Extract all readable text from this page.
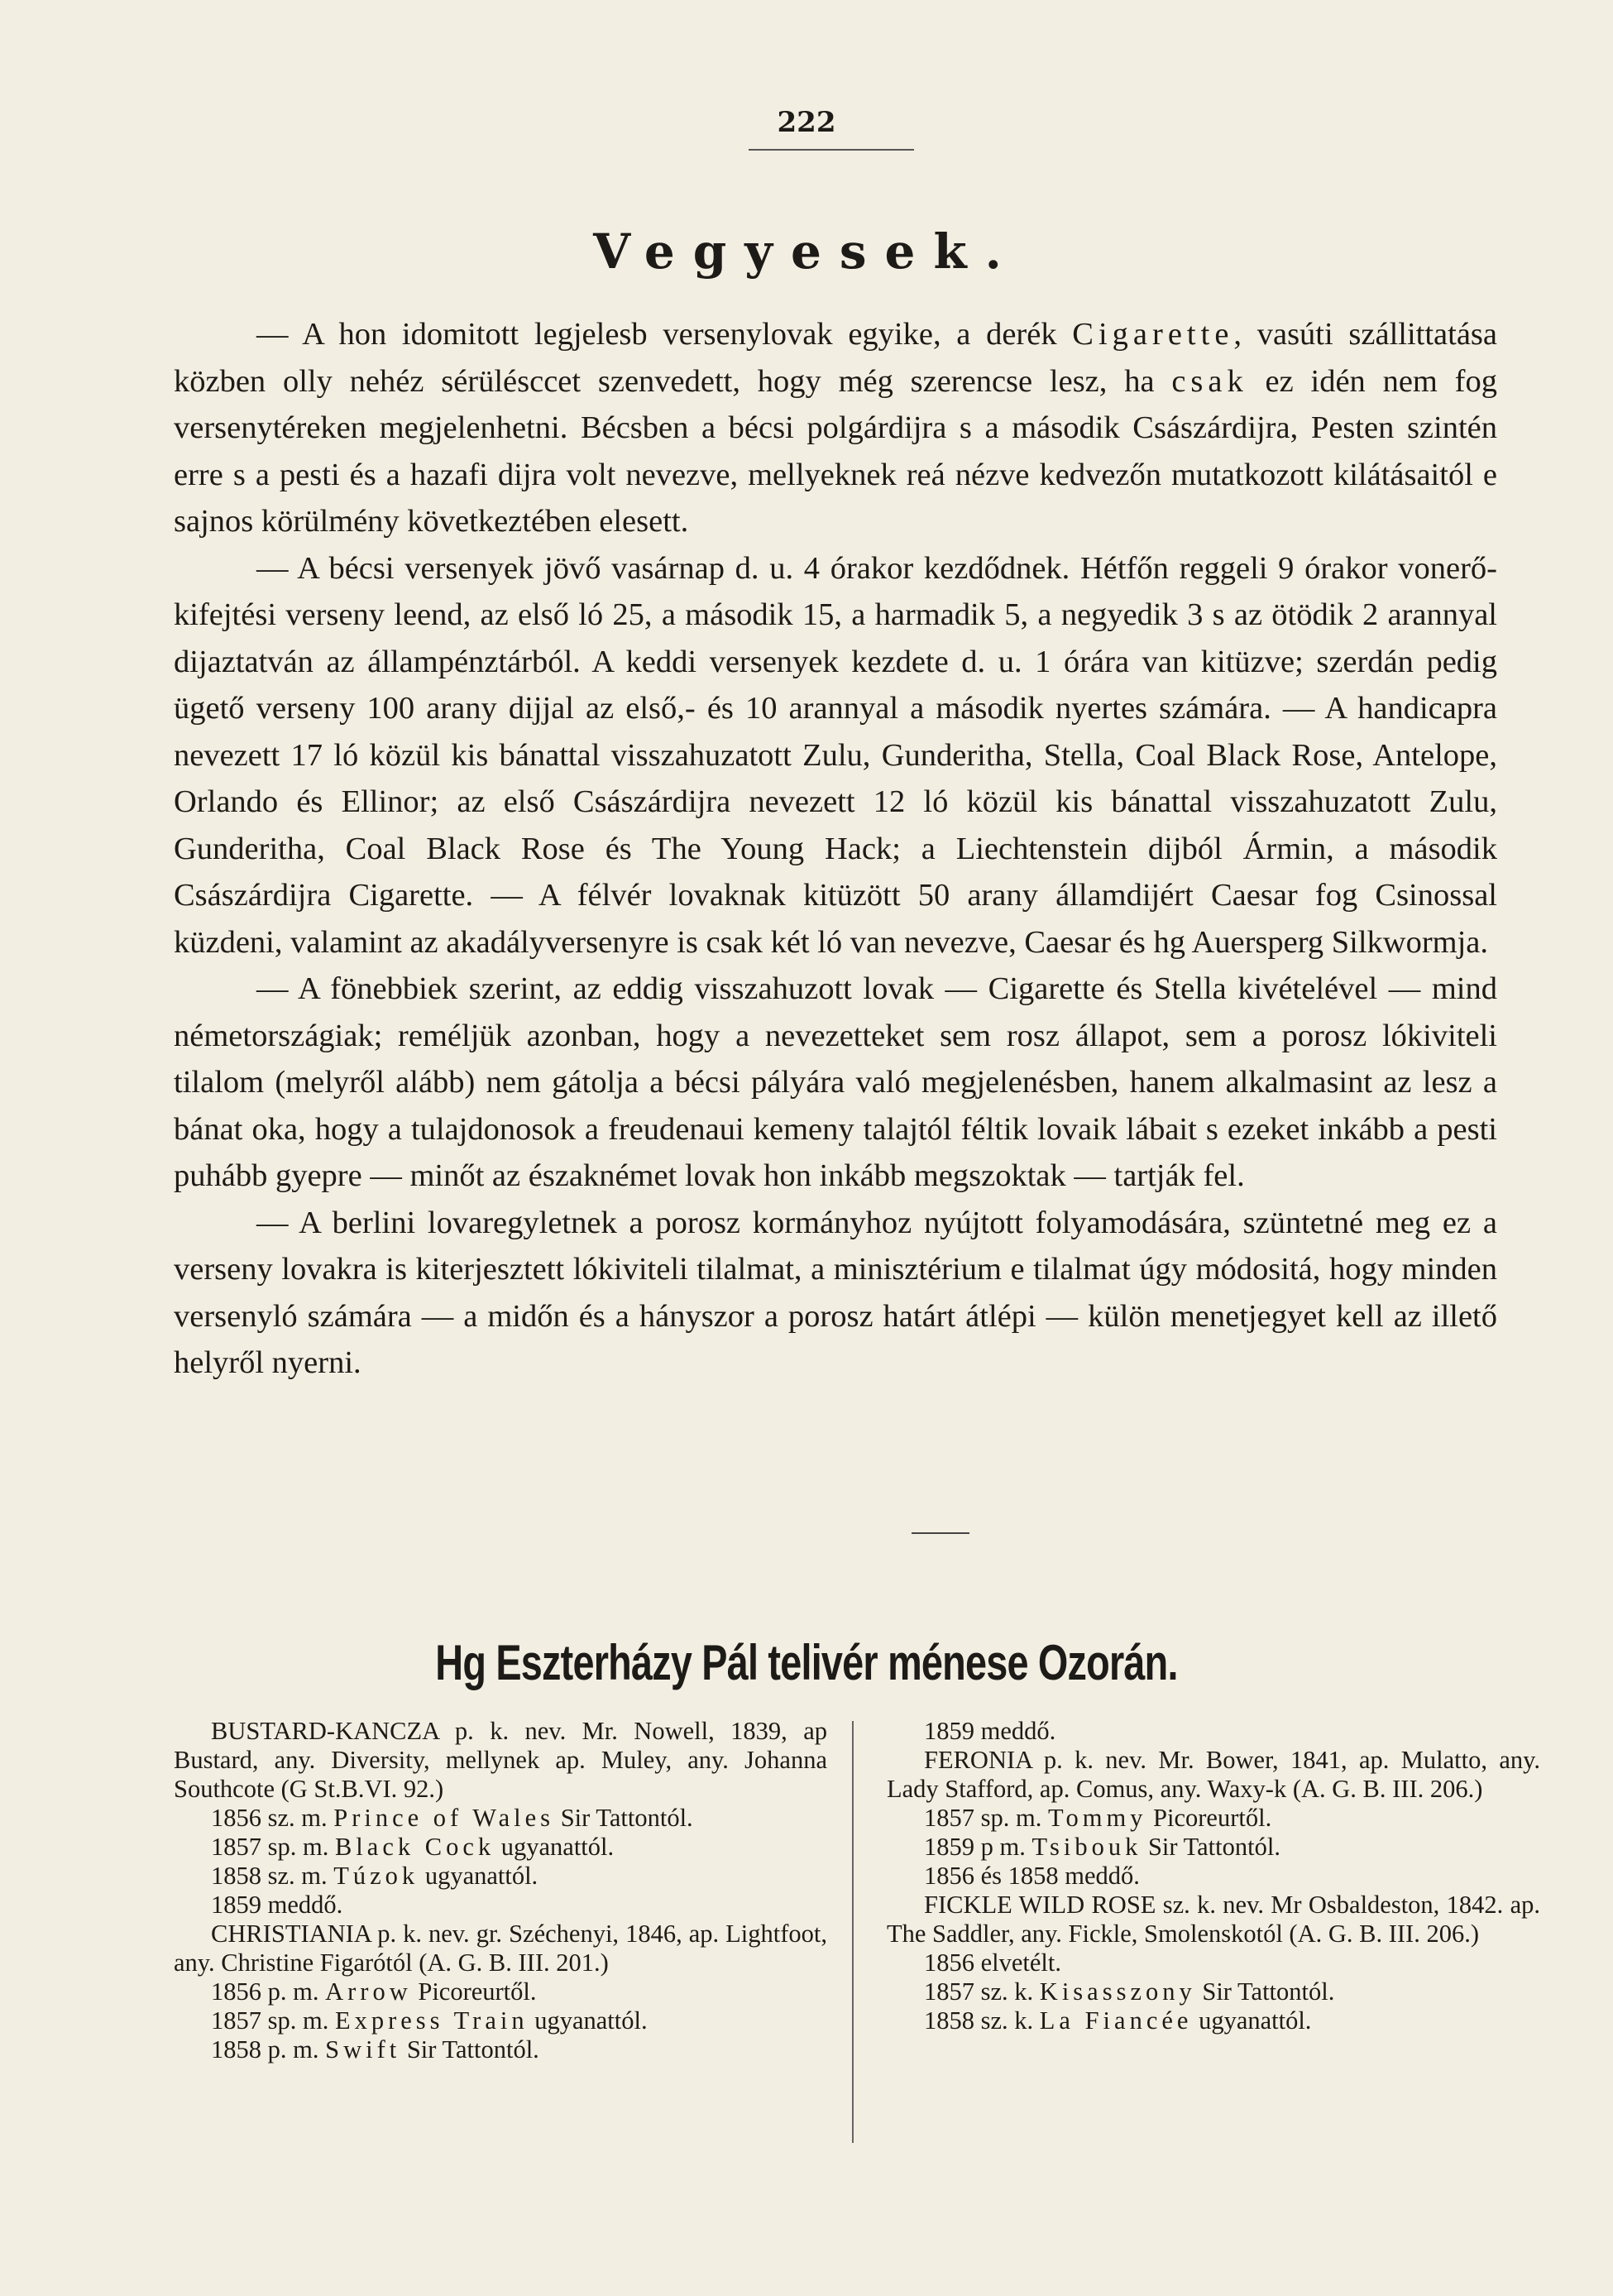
222
Vegyesek.

— A hon idomitott legjelesb versenylovak egyike, a derék Cigarette, vasúti szállittatása közben olly nehéz sérülésccet szenvedett, hogy még szerencse lesz, ha csak ez idén nem fog versenytéreken megjelenhetni. Bécsben a bécsi polgárdijra s a második Császárdijra, Pesten szintén erre s a pesti és a hazafi dijra volt nevezve, mellyeknek reá nézve kedvezőn mutatkozott kilátásaitól e sajnos körülmény következtében elesett.

— A bécsi versenyek jövő vasárnap d. u. 4 órakor kezdődnek. Hétfőn reggeli 9 órakor vonerő-kifejtési verseny leend, az első ló 25, a második 15, a harmadik 5, a negyedik 3 s az ötödik 2 arannyal dijaztatván az állampénztárból. A keddi versenyek kezdete d. u. 1 órára van kitüzve; szerdán pedig ügető verseny 100 arany dijjal az első,- és 10 arannyal a második nyertes számára. — A handicapra nevezett 17 ló közül kis bánattal visszahuzatott Zulu, Gunderitha, Stella, Coal Black Rose, Antelope, Orlando és Ellinor; az első Császárdijra nevezett 12 ló közül kis bánattal visszahuzatott Zulu, Gunderitha, Coal Black Rose és The Young Hack; a Liechtenstein dijból Ármin, a második Császárdijra Cigarette. — A félvér lovaknak kitüzött 50 arany államdijért Caesar fog Csinossal küzdeni, valamint az akadályversenyre is csak két ló van nevezve, Caesar és hg Auersperg Silkwormja.

— A fönebbiek szerint, az eddig visszahuzott lovak — Cigarette és Stella kivételével — mind németországiak; reméljük azonban, hogy a nevezetteket sem rosz állapot, sem a porosz lókiviteli tilalom (melyről alább) nem gátolja a bécsi pályára való megjelenésben, hanem alkalmasint az lesz a bánat oka, hogy a tulajdonosok a freudenaui kemeny talajtól féltik lovaik lábait s ezeket inkább a pesti puhább gyepre — minőt az északnémet lovak hon inkább megszoktak — tartják fel.

— A berlini lovaregyletnek a porosz kormányhoz nyújtott folyamodására, szüntetné meg ez a verseny lovakra is kiterjesztett lókiviteli tilalmat, a minisztérium e tilalmat úgy módositá, hogy minden versenyló számára — a midőn és a hányszor a porosz határt átlépi — külön menetjegyet kell az illető helyről nyerni.

Hg Eszterházy Pál telivér ménese Ozorán.
BUSTARD-KANCZA p. k. nev. Mr. Nowell, 1839, ap Bustard, any. Diversity, mellynek ap. Muley, any. Johanna Southcote (G St.B.VI. 92.)
1856 sz. m. Prince of Wales Sir Tattontól.
1857 sp. m. Black Cock ugyanattól.
1858 sz. m. Túzok ugyanattól.
1859 meddő.
CHRISTIANIA p. k. nev. gr. Széchenyi, 1846, ap. Lightfoot, any. Christine Figarótól (A. G. B. III. 201.)
1856 p. m. Arrow Picoreurtől.
1857 sp. m. Express Train ugyanattól.
1858 p. m. Swift Sir Tattontól.
1859 meddő.
FERONIA p. k. nev. Mr. Bower, 1841, ap. Mulatto, any. Lady Stafford, ap. Comus, any. Waxy-k (A. G. B. III. 206.)
1857 sp. m. Tommy Picoreurtől.
1859 p m. Tsibouk Sir Tattontól.
1856 és 1858 meddő.
FICKLE WILD ROSE sz. k. nev. Mr Osbaldeston, 1842. ap. The Saddler, any. Fickle, Smolenskotól (A. G. B. III. 206.)
1856 elvetélt.
1857 sz. k. Kisasszony Sir Tattontól.
1858 sz. k. La Fiancée ugyanattól.
